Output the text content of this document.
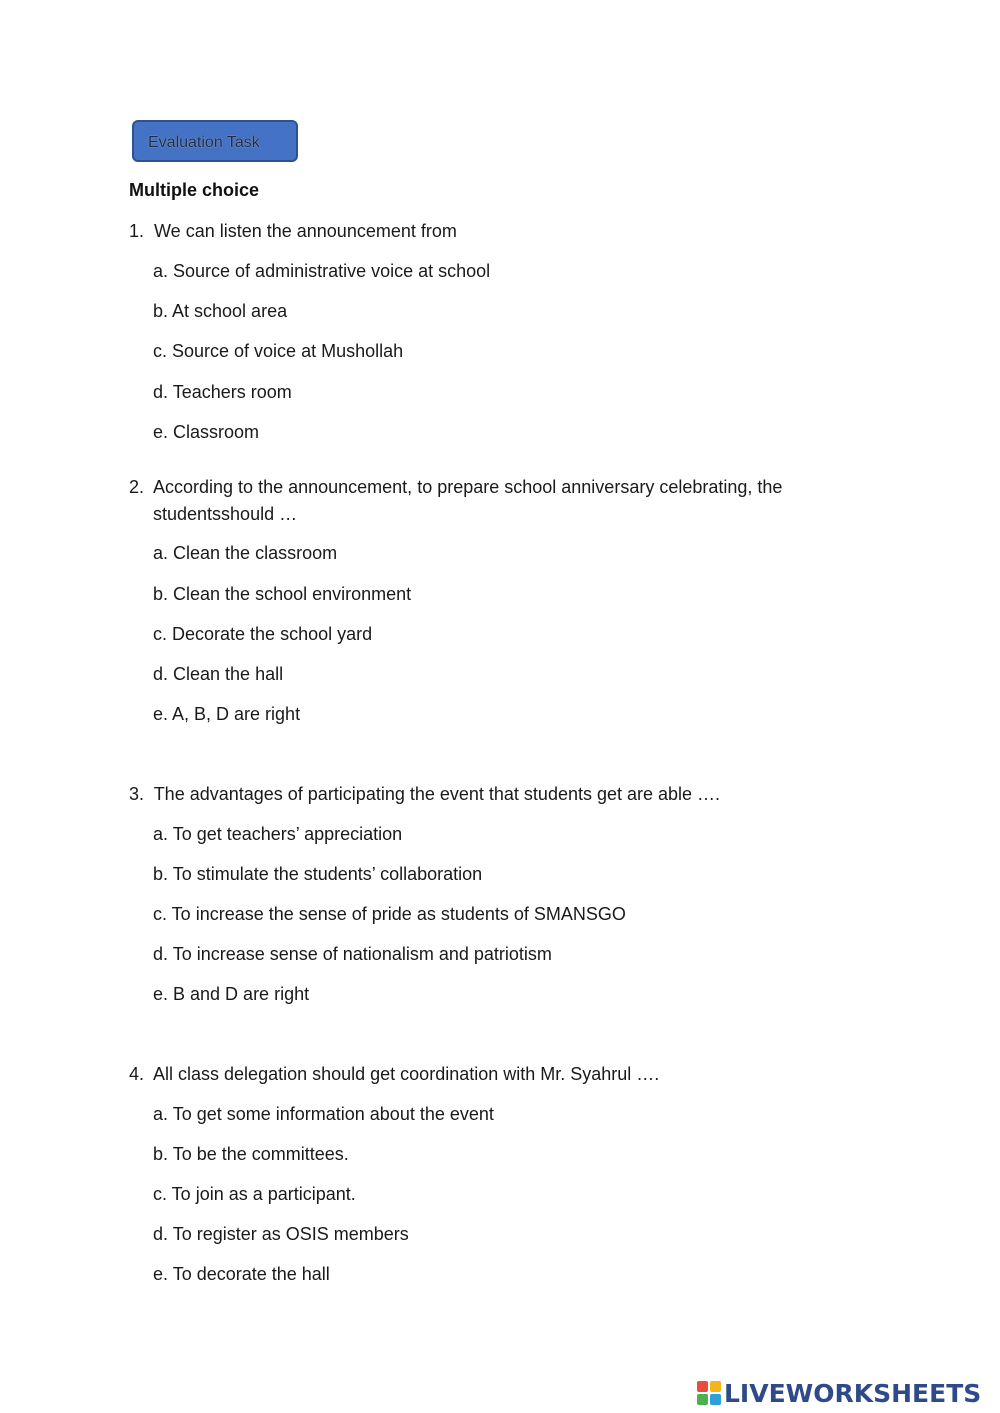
Evaluation Task
Multiple choice
1. We can listen the announcement from
a. Source of administrative voice at school
b. At school area
c. Source of voice at Mushollah
d. Teachers room
e. Classroom
2. According to the announcement, to prepare school anniversary celebrating, the
studentsshould …
a. Clean the classroom
b. Clean the school environment
c. Decorate the school yard
d. Clean the hall
e. A, B, D are right
3. The advantages of participating the event that students get are able ….
a. To get teachers’ appreciation
b. To stimulate the students’ collaboration
c. To increase the sense of pride as students of SMANSGO
d. To increase sense of nationalism and patriotism
e. B and D are right
4. All class delegation should get coordination with Mr. Syahrul ….
a. To get some information about the event
b. To be the committees.
c. To join as a participant.
d. To register as OSIS members
e. To decorate the hall
LIVEWORKSHEETS
